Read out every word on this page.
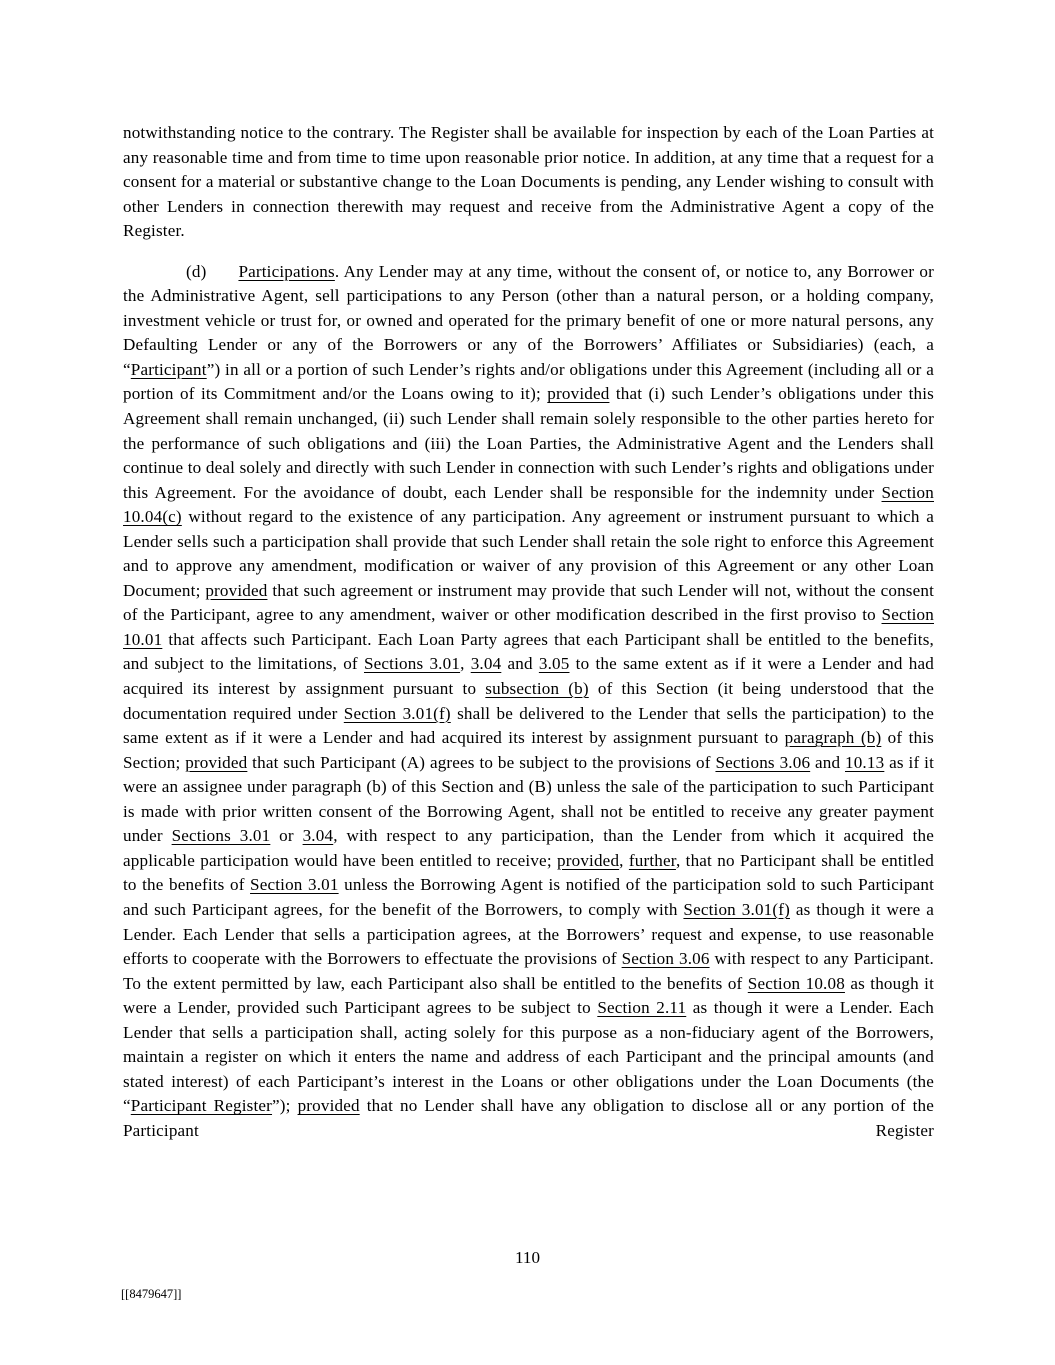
notwithstanding notice to the contrary. The Register shall be available for inspection by each of the Loan Parties at any reasonable time and from time to time upon reasonable prior notice. In addition, at any time that a request for a consent for a material or substantive change to the Loan Documents is pending, any Lender wishing to consult with other Lenders in connection therewith may request and receive from the Administrative Agent a copy of the Register.

(d) Participations. Any Lender may at any time, without the consent of, or notice to, any Borrower or the Administrative Agent, sell participations to any Person (other than a natural person, or a holding company, investment vehicle or trust for, or owned and operated for the primary benefit of one or more natural persons, any Defaulting Lender or any of the Borrowers or any of the Borrowers’ Affiliates or Subsidiaries) (each, a “Participant”) in all or a portion of such Lender’s rights and/or obligations under this Agreement (including all or a portion of its Commitment and/or the Loans owing to it); provided that (i) such Lender’s obligations under this Agreement shall remain unchanged, (ii) such Lender shall remain solely responsible to the other parties hereto for the performance of such obligations and (iii) the Loan Parties, the Administrative Agent and the Lenders shall continue to deal solely and directly with such Lender in connection with such Lender’s rights and obligations under this Agreement. For the avoidance of doubt, each Lender shall be responsible for the indemnity under Section 10.04(c) without regard to the existence of any participation. Any agreement or instrument pursuant to which a Lender sells such a participation shall provide that such Lender shall retain the sole right to enforce this Agreement and to approve any amendment, modification or waiver of any provision of this Agreement or any other Loan Document; provided that such agreement or instrument may provide that such Lender will not, without the consent of the Participant, agree to any amendment, waiver or other modification described in the first proviso to Section 10.01 that affects such Participant. Each Loan Party agrees that each Participant shall be entitled to the benefits, and subject to the limitations, of Sections 3.01, 3.04 and 3.05 to the same extent as if it were a Lender and had acquired its interest by assignment pursuant to subsection (b) of this Section (it being understood that the documentation required under Section 3.01(f) shall be delivered to the Lender that sells the participation) to the same extent as if it were a Lender and had acquired its interest by assignment pursuant to paragraph (b) of this Section; provided that such Participant (A) agrees to be subject to the provisions of Sections 3.06 and 10.13 as if it were an assignee under paragraph (b) of this Section and (B) unless the sale of the participation to such Participant is made with prior written consent of the Borrowing Agent, shall not be entitled to receive any greater payment under Sections 3.01 or 3.04, with respect to any participation, than the Lender from which it acquired the applicable participation would have been entitled to receive; provided, further, that no Participant shall be entitled to the benefits of Section 3.01 unless the Borrowing Agent is notified of the participation sold to such Participant and such Participant agrees, for the benefit of the Borrowers, to comply with Section 3.01(f) as though it were a Lender. Each Lender that sells a participation agrees, at the Borrowers’ request and expense, to use reasonable efforts to cooperate with the Borrowers to effectuate the provisions of Section 3.06 with respect to any Participant. To the extent permitted by law, each Participant also shall be entitled to the benefits of Section 10.08 as though it were a Lender, provided such Participant agrees to be subject to Section 2.11 as though it were a Lender. Each Lender that sells a participation shall, acting solely for this purpose as a non-fiduciary agent of the Borrowers, maintain a register on which it enters the name and address of each Participant and the principal amounts (and stated interest) of each Participant’s interest in the Loans or other obligations under the Loan Documents (the “Participant Register”); provided that no Lender shall have any obligation to disclose all or any portion of the Participant Register

110
[[8479647]]
